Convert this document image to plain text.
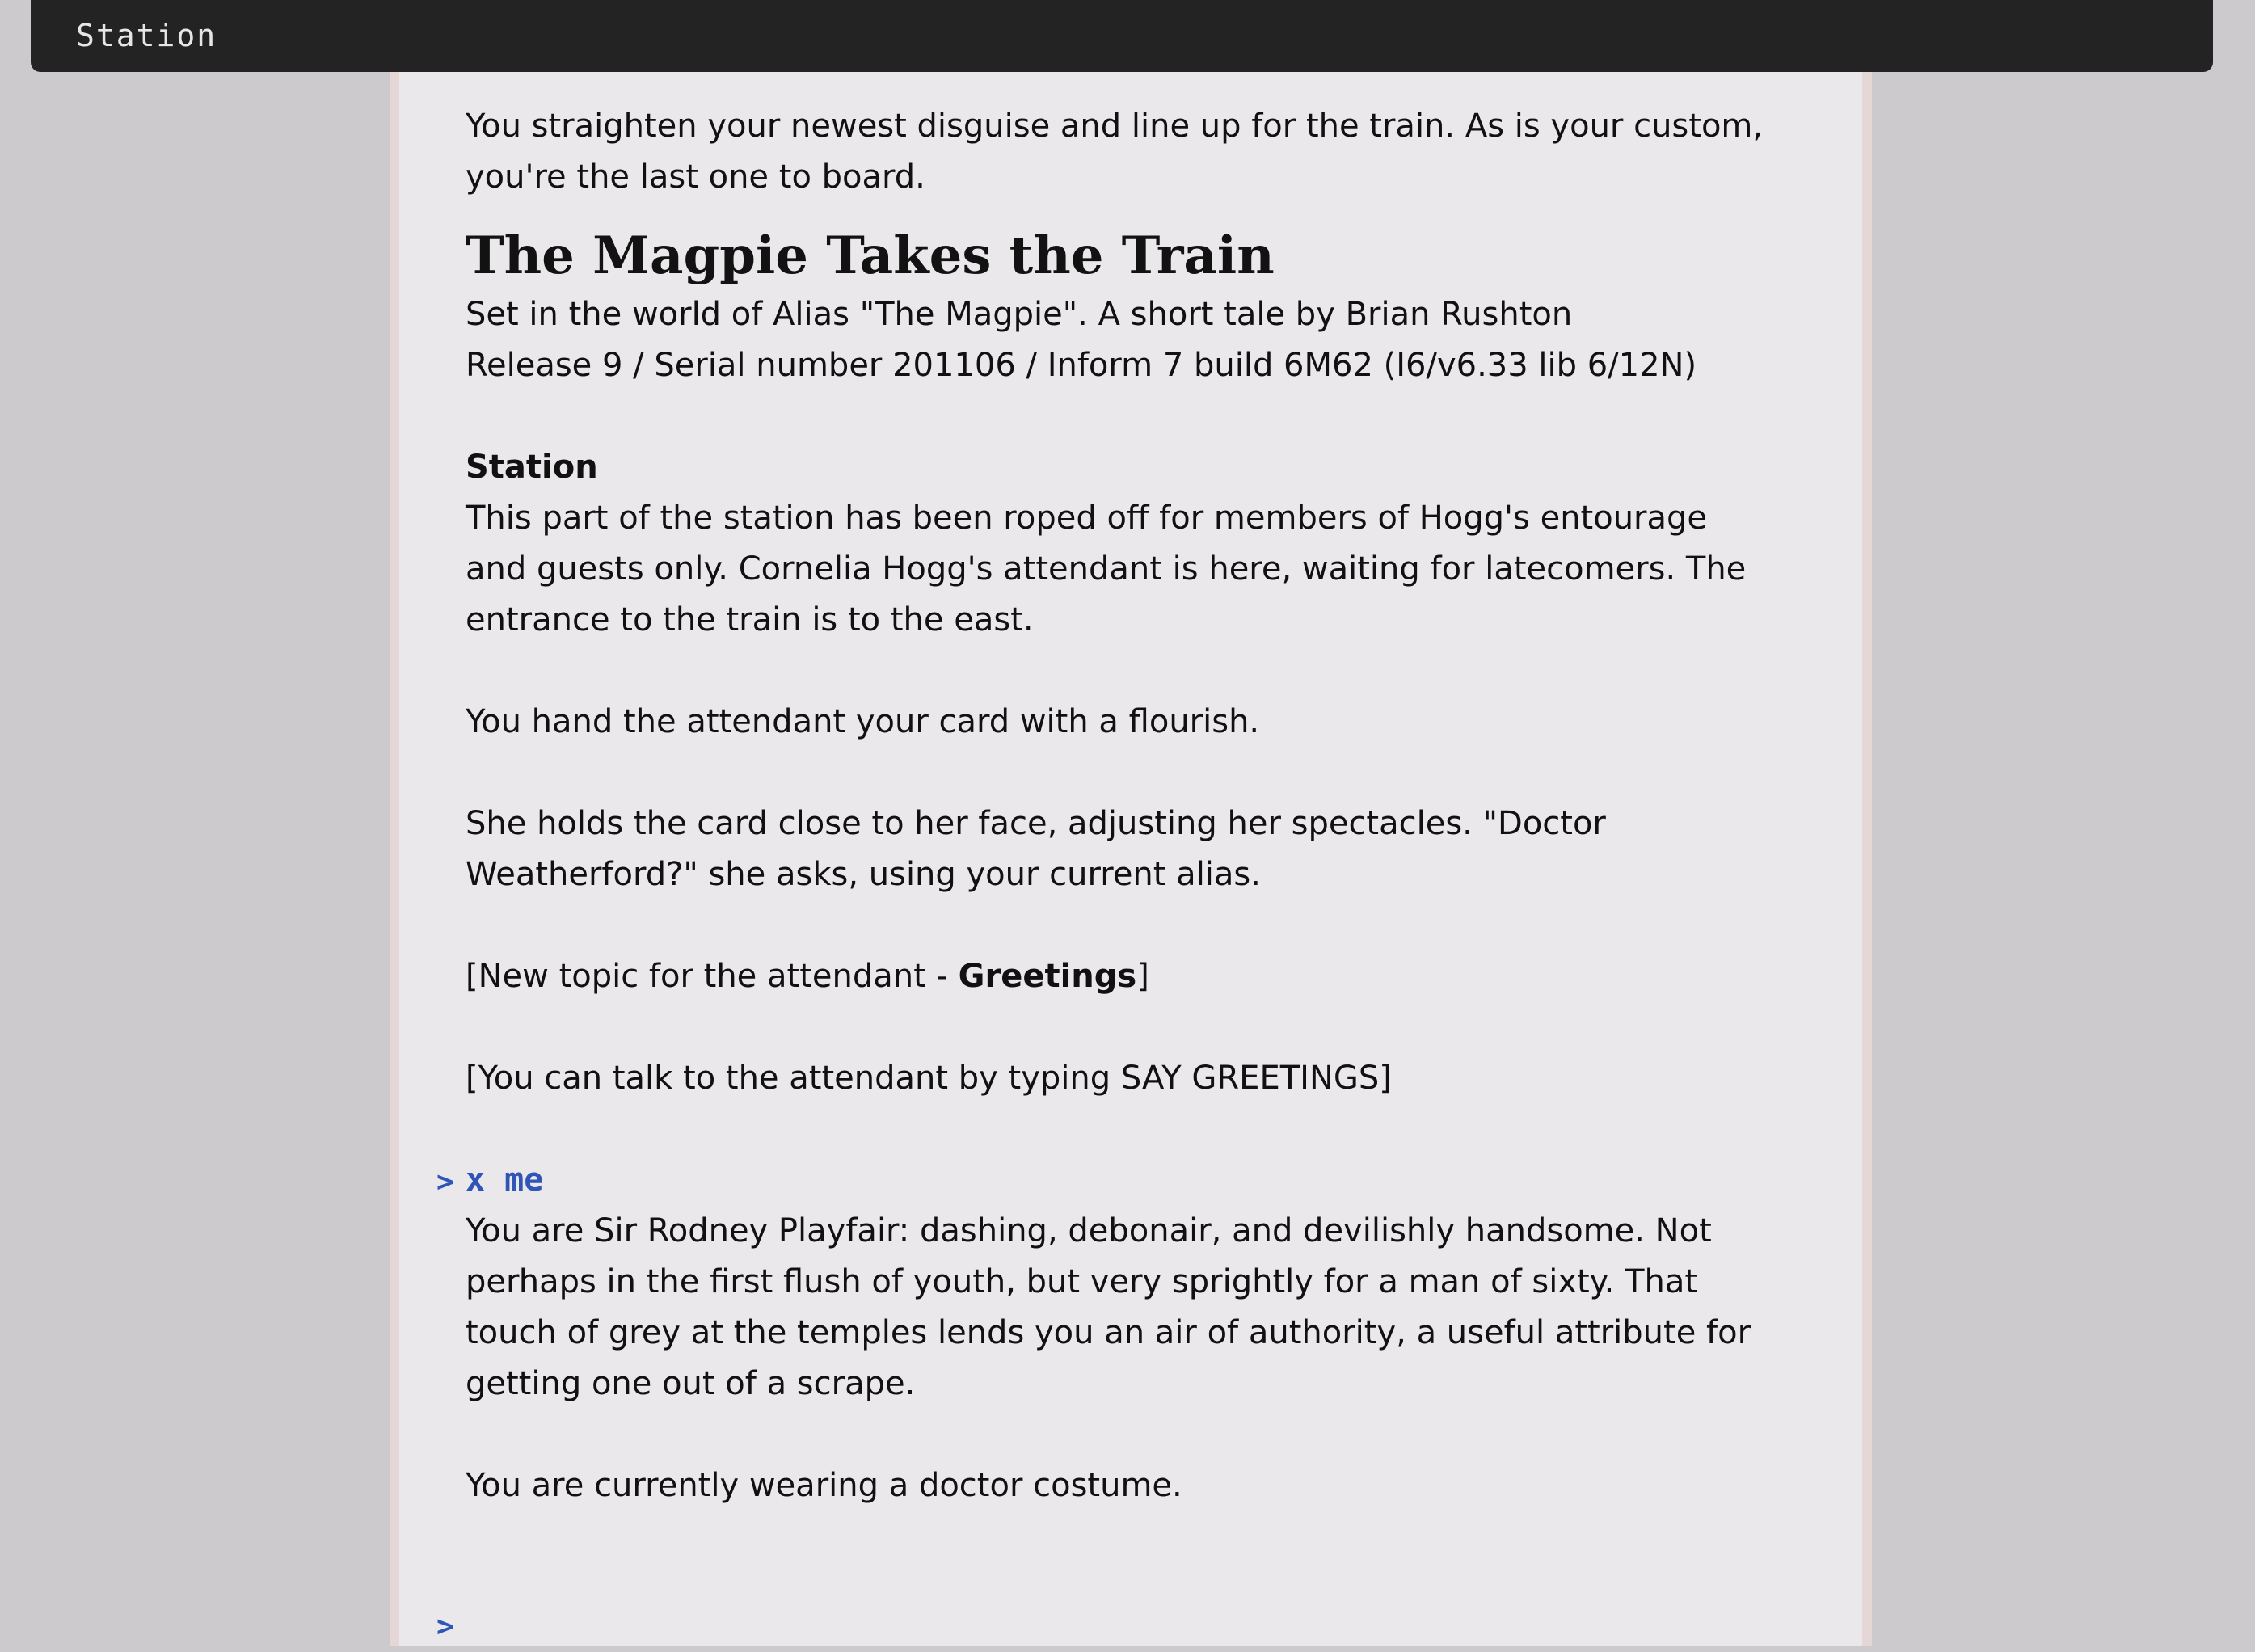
Station

You straighten your newest disguise and line up for the train. As is your custom,
you're the last one to board.

The Magpie Takes the Train

Set in the world of Alias "The Magpie". A short tale by Brian Rushton
Release 9 / Serial number 201106 / Inform 7 build 6M62 (I6/v6.33 lib 6/12N)

Station
This part of the station has been roped off for members of Hogg's entourage
and guests only. Cornelia Hogg's attendant is here, waiting for latecomers. The
entrance to the train is to the east.

You hand the attendant your card with a flourish.

She holds the card close to her face, adjusting her spectacles. "Doctor
Weatherford?" she asks, using your current alias.

[New topic for the attendant - Greetings]

[You can talk to the attendant by typing SAY GREETINGS]

> x me

You are Sir Rodney Playfair: dashing, debonair, and devilishly handsome. Not
perhaps in the first flush of youth, but very sprightly for a man of sixty. That
touch of grey at the temples lends you an air of authority, a useful attribute for
getting one out of a scrape.

You are currently wearing a doctor costume.

>
